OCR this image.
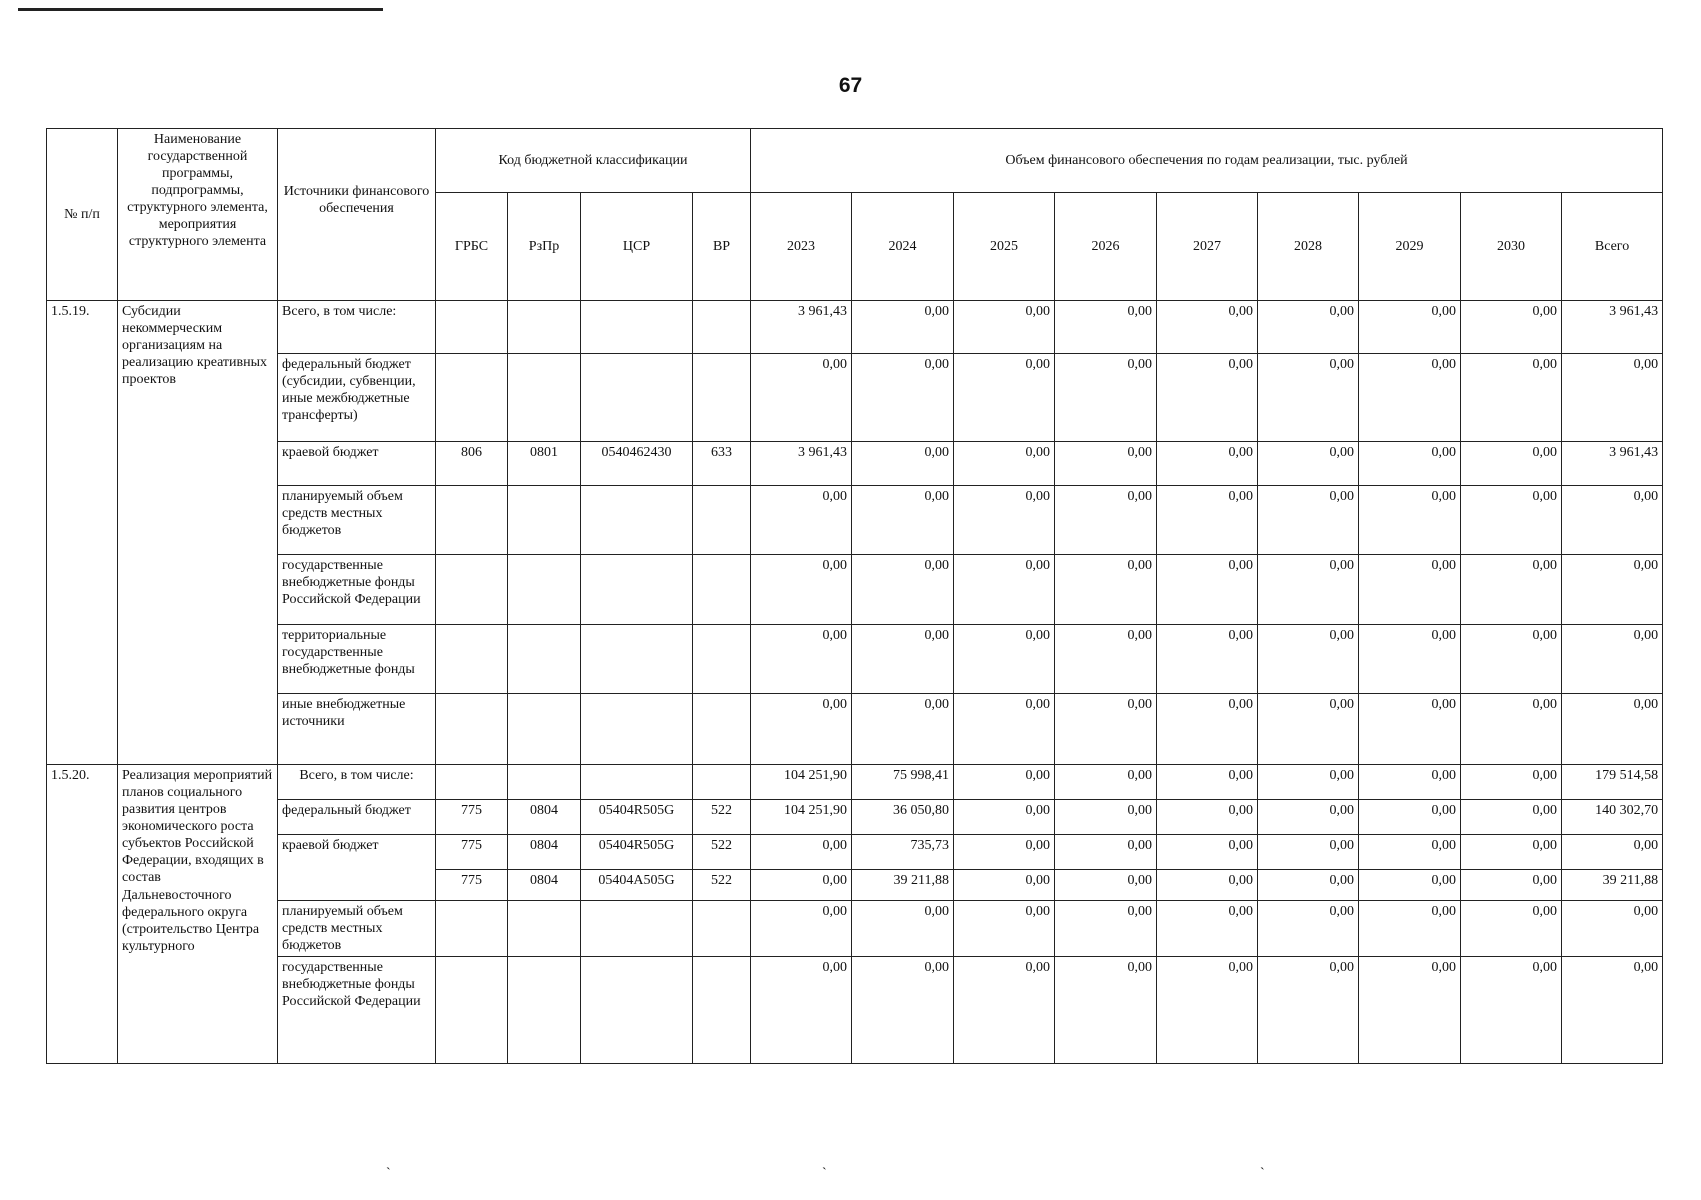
67
№ п/п	Наименование государственной программы, подпрограммы, структурного элемента, мероприятия структурного элемента	Источники финансового обеспечения	Код бюджетной классификации				Объем финансового обеспечения по годам реализации, тыс. рублей								
			ГРБС	РзПр	ЦСР	ВР	2023	2024	2025	2026	2027	2028	2029	2030	Всего
1.5.19.	Субсидии некоммерческим организациям на реализацию креативных проектов	Всего, в том числе:					3 961,43	0,00	0,00	0,00	0,00	0,00	0,00	0,00	3 961,43
		федеральный бюджет (субсидии, субвенции, иные межбюджетные трансферты)					0,00	0,00	0,00	0,00	0,00	0,00	0,00	0,00	0,00
		краевой бюджет	806	0801	0540462430	633	3 961,43	0,00	0,00	0,00	0,00	0,00	0,00	0,00	3 961,43
		планируемый объем средств местных бюджетов					0,00	0,00	0,00	0,00	0,00	0,00	0,00	0,00	0,00
		государственные внебюджетные фонды Российской Федерации					0,00	0,00	0,00	0,00	0,00	0,00	0,00	0,00	0,00
		территориальные государственные внебюджетные фонды					0,00	0,00	0,00	0,00	0,00	0,00	0,00	0,00	0,00
		иные внебюджетные источники					0,00	0,00	0,00	0,00	0,00	0,00	0,00	0,00	0,00
1.5.20.	Реализация мероприятий планов социального развития центров экономического роста субъектов Российской Федерации, входящих в состав Дальневосточного федерального округа (строительство Центра культурного	Всего, в том числе:					104 251,90	75 998,41	0,00	0,00	0,00	0,00	0,00	0,00	179 514,58
		федеральный бюджет	775	0804	05404R505G	522	104 251,90	36 050,80	0,00	0,00	0,00	0,00	0,00	0,00	140 302,70
		краевой бюджет	775	0804	05404R505G	522	0,00	735,73	0,00	0,00	0,00	0,00	0,00	0,00	0,00
			775	0804	05404A505G	522	0,00	39 211,88	0,00	0,00	0,00	0,00	0,00	0,00	39 211,88
		планируемый объем средств местных бюджетов					0,00	0,00	0,00	0,00	0,00	0,00	0,00	0,00	0,00
		государственные внебюджетные фонды Российской Федерации					0,00	0,00	0,00	0,00	0,00	0,00	0,00	0,00	0,00
`	`	`
